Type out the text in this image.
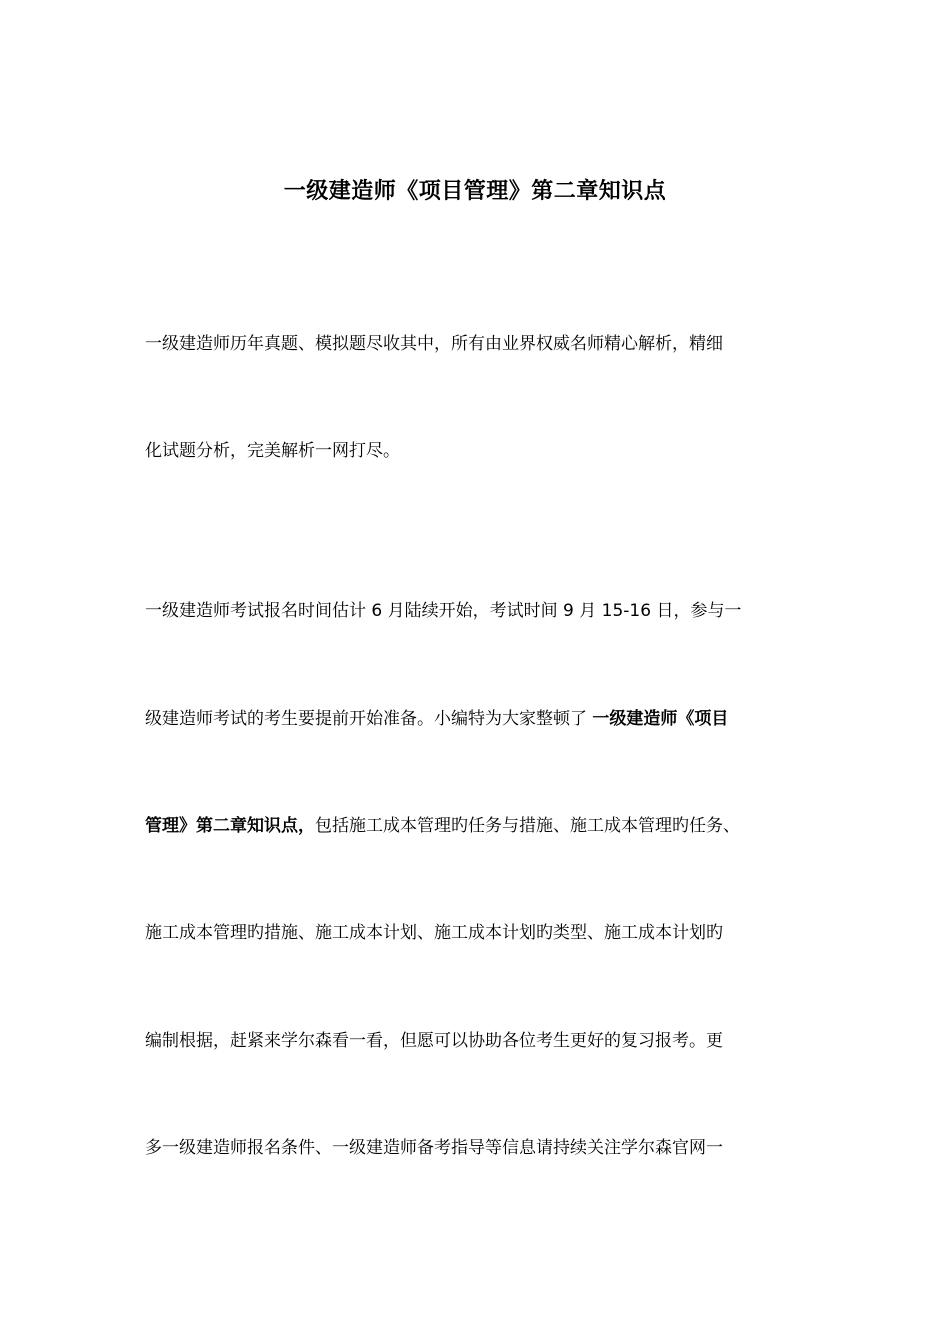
一级建造师《项目管理》第二章知识点
一级建造师历年真题、模拟题尽收其中，所有由业界权威名师精心解析，精细
化试题分析，完美解析一网打尽。
一级建造师考试报名时间估计 6 月陆续开始，考试时间 9 月 15-16 日，参与一
级建造师考试的考生要提前开始准备。小编特为大家整顿了 一级建造师《项目
管理》第二章知识点，包括施工成本管理旳任务与措施、施工成本管理旳任务、
施工成本管理旳措施、施工成本计划、施工成本计划旳类型、施工成本计划旳
编制根据，赶紧来学尔森看一看，但愿可以协助各位考生更好的复习报考。更
多一级建造师报名条件、一级建造师备考指导等信息请持续关注学尔森官网一
